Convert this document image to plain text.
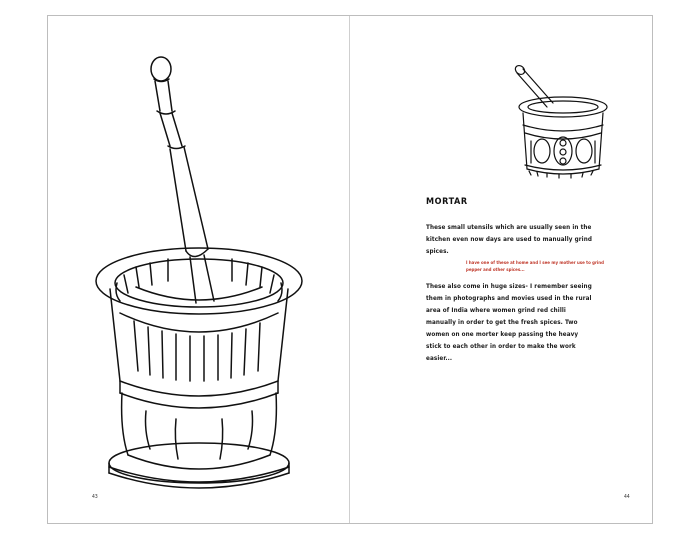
43
MORTAR
These small utensils which are usually seen in the kitchen even now days are used to manually grind spices.
I have one of these at home and I see my mother use to grind pepper and other spices...
These also come in huge sizes- I remember seeing them in photographs and movies used in the rural area of India where women grind red chilli manually in order to get the fresh spices. Two women on one morter keep passing the heavy stick to each other in order to make the work easier...
44
